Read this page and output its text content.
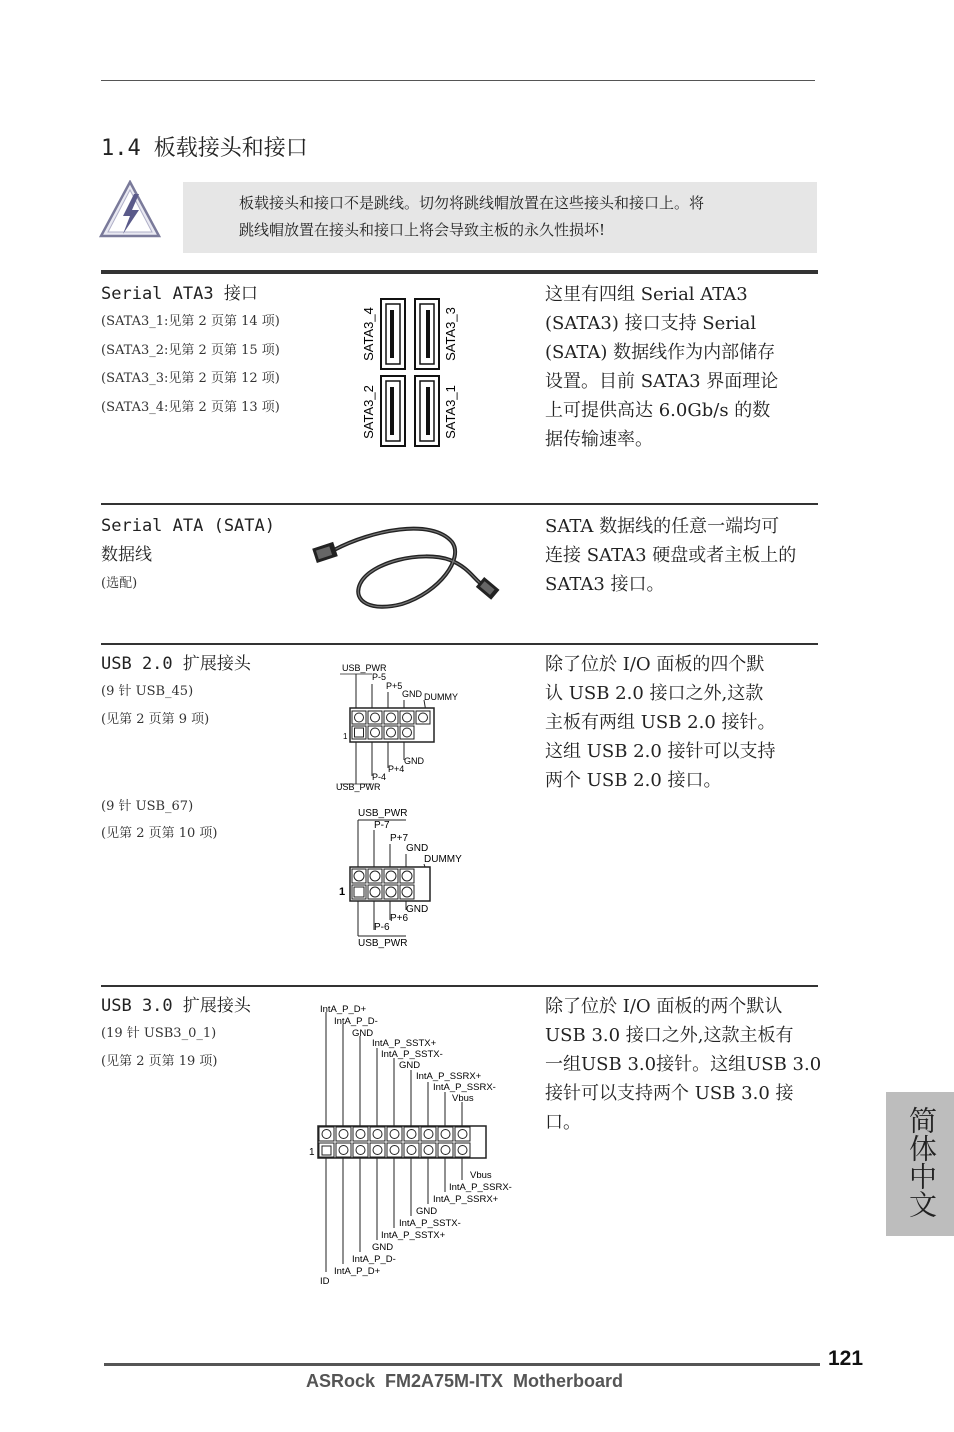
1.4 板载接头和接口
板载接头和接口不是跳线。切勿将跳线帽放置在这些接头和接口上。将
跳线帽放置在接头和接口上将会导致主板的永久性损坏!
Serial ATA3 接口
(SATA3_1:见第 2 页第 14 项)
(SATA3_2:见第 2 页第 15 项)
(SATA3_3:见第 2 页第 12 项)
(SATA3_4:见第 2 页第 13 项)
SATA3_4	SATA3_3
SATA3_2	SATA3_1
这里有四组 Serial ATA3
(SATA3) 接口支持 Serial
(SATA) 数据线作为内部储存
设置。目前 SATA3 界面理论
上可提供高达 6.0Gb/s 的数
据传输速率。
Serial ATA (SATA)
数据线
(选配)
SATA 数据线的任意一端均可
连接 SATA3 硬盘或者主板上的
SATA3 接口。
USB 2.0 扩展接头
(9 针 USB_45)
(见第 2 页第 9 项)
(9 针 USB_67)
(见第 2 页第 10 项)
USB_PWR
P-5
P+5
GND DUMMY
1
GND
P+4
P-4
USB_PWR
USB_PWR
P-7
P+7
GND
DUMMY
1
GND
P+6
P-6
USB_PWR
除了位於 I/O 面板的四个默
认 USB 2.0 接口之外,这款
主板有两组 USB 2.0 接针。
这组 USB 2.0 接针可以支持
两个 USB 2.0 接口。
USB 3.0 扩展接头
(19 针 USB3_0_1)
(见第 2 页第 19 项)
IntA_P_D+
IntA_P_D-
GND
IntA_P_SSTX+
IntA_P_SSTX-
GND
IntA_P_SSRX+
IntA_P_SSRX-
Vbus
1
Vbus
IntA_P_SSRX-
IntA_P_SSRX+
GND
IntA_P_SSTX-
IntA_P_SSTX+
GND
IntA_P_D-
IntA_P_D+
ID
除了位於 I/O 面板的两个默认
USB 3.0 接口之外,这款主板有
一组USB 3.0接针。这组USB 3.0
接针可以支持两个 USB 3.0 接
口。	简体中文
121
ASRock  FM2A75M-ITX  Motherboard
